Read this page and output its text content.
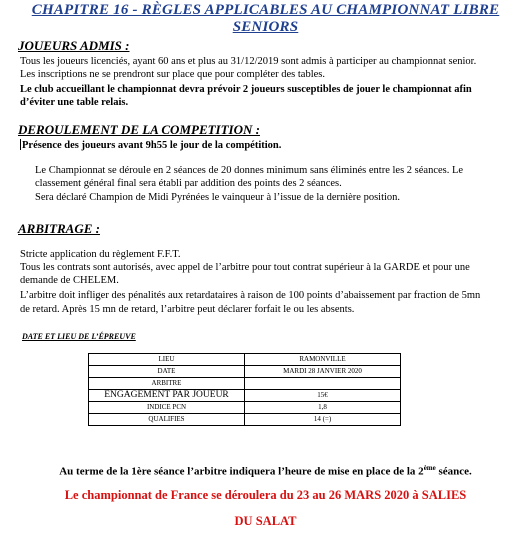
CHAPITRE 16 - RÈGLES APPLICABLES AU CHAMPIONNAT LIBRE
SENIORS
JOUEURS ADMIS :
Tous les joueurs licenciés, ayant 60 ans et plus au 31/12/2019 sont admis à participer au championnat senior.
Les inscriptions ne se prendront sur place que pour compléter des tables.
Le club accueillant le championnat devra prévoir 2 joueurs susceptibles de jouer le championnat afin
d’éviter une table relais.
DEROULEMENT DE LA COMPETITION :
Présence des joueurs avant 9h55 le jour de la compétition.
Le Championnat se déroule en 2 séances de 20 donnes minimum sans éliminés entre les 2 séances. Le
classement général final sera établi par addition des points des 2 séances.
Sera déclaré Champion de Midi Pyrénées le vainqueur à l’issue de la dernière position.
ARBITRAGE :
Stricte application du règlement F.F.T.
Tous les contrats sont autorisés, avec appel de l’arbitre pour tout contrat supérieur à la GARDE et pour une
demande de CHELEM.
L’arbitre doit infliger des pénalités aux retardataires à raison de 100 points d’abaissement par fraction de 5mn
de retard. Après 15 mn de retard, l’arbitre peut déclarer forfait le ou les absents.
DATE ET LIEU DE L’ÉPREUVE
LIEU	RAMONVILLE
DATE	MARDI 28 JANVIER 2020
ARBITRE	
ENGAGEMENT PAR JOUEUR	15€
INDICE PCN	1,8
QUALIFIES	14 (=)
Au terme de la 1ère séance l’arbitre indiquera l’heure de mise en place de la 2ème séance.
Le championnat de France se déroulera du 23 au 26 MARS 2020 à SALIES
DU SALAT
